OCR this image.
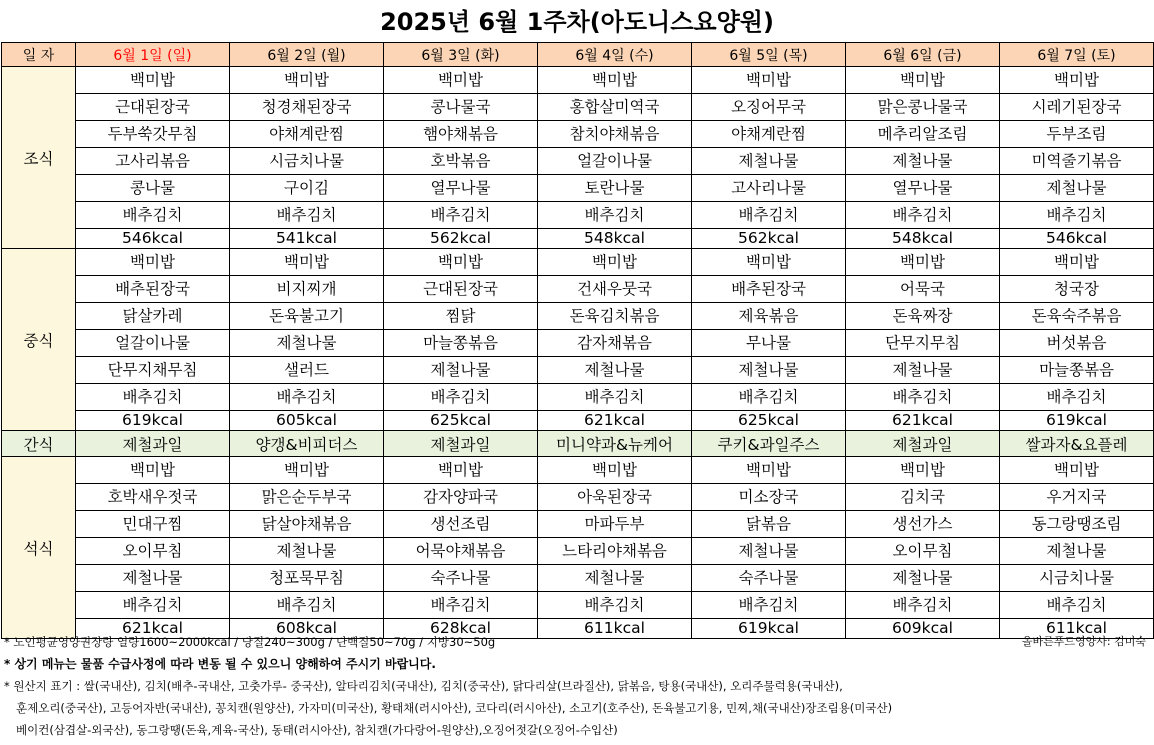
2025년 6월 1주차(아도니스요양원)
일 자	6월 1일 (일)	6월 2일 (월)	6월 3일 (화)	6월 4일 (수)	6월 5일 (목)	6월 6일 (금)	6월 7일 (토)
조식	백미밥	백미밥	백미밥	백미밥	백미밥	백미밥	백미밥
	근대된장국	청경채된장국	콩나물국	홍합살미역국	오징어무국	맑은콩나물국	시레기된장국
	두부쑥갓무침	야채계란찜	햄야채볶음	참치야채볶음	야채계란찜	메추리알조림	두부조림
	고사리볶음	시금치나물	호박볶음	얼갈이나물	제철나물	제철나물	미역줄기볶음
	콩나물	구이김	열무나물	토란나물	고사리나물	열무나물	제철나물
	배추김치	배추김치	배추김치	배추김치	배추김치	배추김치	배추김치
	546kcal	541kcal	562kcal	548kcal	562kcal	548kcal	546kcal
중식	백미밥	백미밥	백미밥	백미밥	백미밥	백미밥	백미밥
	배추된장국	비지찌개	근대된장국	건새우뭇국	배추된장국	어묵국	청국장
	닭살카레	돈육불고기	찜닭	돈육김치볶음	제육볶음	돈육짜장	돈육숙주볶음
	얼갈이나물	제철나물	마늘쫑볶음	감자채볶음	무나물	단무지무침	버섯볶음
	단무지채무침	샐러드	제철나물	제철나물	제철나물	제철나물	마늘쫑볶음
	배추김치	배추김치	배추김치	배추김치	배추김치	배추김치	배추김치
	619kcal	605kcal	625kcal	621kcal	625kcal	621kcal	619kcal
간식	제철과일	양갱&비피더스	제철과일	미니약과&뉴케어	쿠키&과일주스	제철과일	쌀과자&요플레
석식	백미밥	백미밥	백미밥	백미밥	백미밥	백미밥	백미밥
	호박새우젓국	맑은순두부국	감자양파국	아욱된장국	미소장국	김치국	우거지국
	민대구찜	닭살야채볶음	생선조림	마파두부	닭볶음	생선가스	동그랑땡조림
	오이무침	제철나물	어묵야채볶음	느타리야채볶음	제철나물	오이무침	제철나물
	제철나물	청포묵무침	숙주나물	제철나물	숙주나물	제철나물	시금치나물
	배추김치	배추김치	배추김치	배추김치	배추김치	배추김치	배추김치
	621kcal	608kcal	628kcal	611kcal	619kcal	609kcal	611kcal
* 노인평균영양권장량 열량1600~2000kcal / 당질240~300g / 단백질50~70g / 지방30~50g	올바른푸드영양사: 김미숙
* 상기 메뉴는 물품 수급사정에 따라 변동 될 수 있으니 양해하여 주시기 바랍니다.
* 원산지 표기 : 쌀(국내산), 김치(배추-국내산, 고춧가루- 중국산), 알타리김치(국내산), 김치(중국산), 닭다리살(브라질산), 닭볶음, 탕용(국내산), 오리주물럭용(국내산),
훈제오리(중국산), 고등어자반(국내산), 꽁치캔(원양산), 가자미(미국산), 황태채(러시아산), 코다리(러시아산), 소고기(호주산), 돈육불고기용, 민찌,채(국내산)장조림용(미국산)
베이컨(삼겹살-외국산), 동그랑땡(돈육,계육-국산), 동태(러시아산), 참치캔(가다랑어-원양산),오징어젓갈(오징어-수입산)
